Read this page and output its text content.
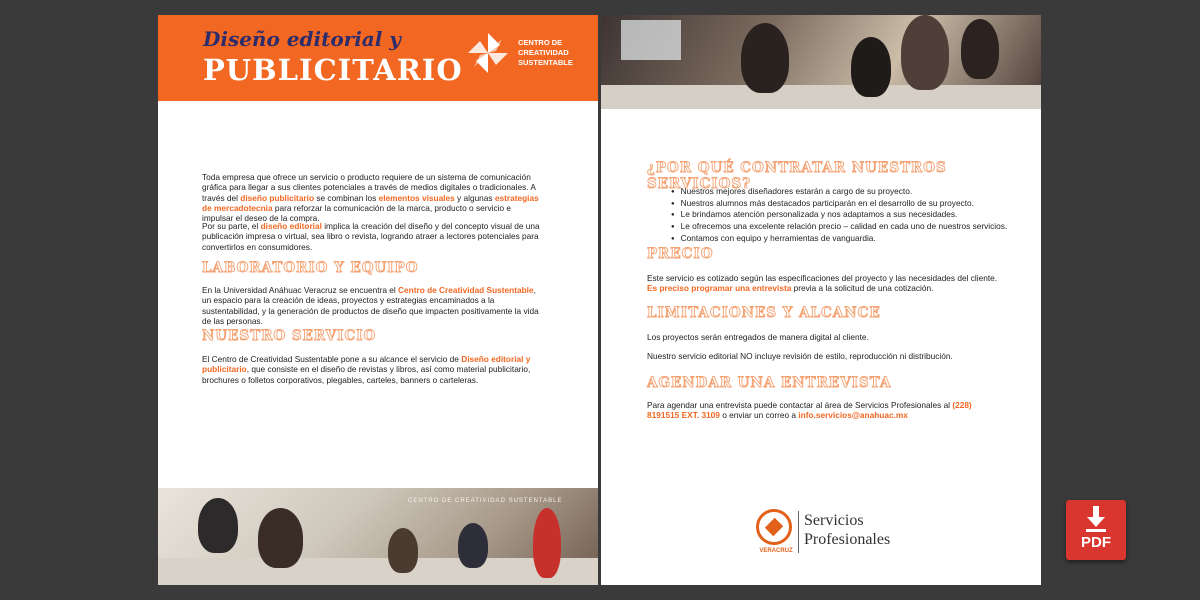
Diseño editorial y
PUBLICITARIO
CENTRO DE
CREATIVIDAD
SUSTENTABLE
Toda empresa que ofrece un servicio o producto requiere de un sistema de comunicación gráfica para llegar a sus clientes potenciales a través de medios digitales o tradicionales. A través del diseño publicitario se combinan los elementos visuales y algunas estrategias de mercadotecnia para reforzar la comunicación de la marca, producto o servicio e impulsar el deseo de la compra.
Por su parte, el diseño editorial implica la creación del diseño y del concepto visual de una publicación impresa o virtual, sea libro o revista, logrando atraer a lectores potenciales para convertirlos en consumidores.
LABORATORIO Y EQUIPO
En la Universidad Anáhuac Veracruz se encuentra el Centro de Creatividad Sustentable, un espacio para la creación de ideas, proyectos y estrategias encaminados a la sustentabilidad, y la generación de productos de diseño que impacten positivamente la vida de las personas.
NUESTRO SERVICIO
El Centro de Creatividad Sustentable pone a su alcance el servicio de Diseño editorial y publicitario, que consiste en el diseño de revistas y libros, así como material publicitario, brochures o folletos corporativos, plegables, carteles, banners o carteleras.
CENTRO DE CREATIVIDAD SUSTENTABLE
¿POR QUÉ CONTRATAR NUESTROS SERVICIOS?
● Nuestros mejores diseñadores estarán a cargo de su proyecto.
● Nuestros alumnos más destacados participarán en el desarrollo de su proyecto.
● Le brindamos atención personalizada y nos adaptamos a sus necesidades.
● Le ofrecemos una excelente relación precio – calidad en cada uno de nuestros servicios.
● Contamos con equipo y herramientas de vanguardia.
PRECIO
Este servicio es cotizado según las especificaciones del proyecto y las necesidades del cliente.
Es preciso programar una entrevista previa a la solicitud de una cotización.
LIMITACIONES Y ALCANCE
Los proyectos serán entregados de manera digital al cliente.
Nuestro servicio editorial NO incluye revisión de estilo, reproducción ni distribución.
AGENDAR UNA ENTREVISTA
Para agendar una entrevista puede contactar al área de Servicios Profesionales al (228) 8191515 EXT. 3109 o enviar un correo a info.servicios@anahuac.mx
VERACRUZ
Servicios
Profesionales	PDF
